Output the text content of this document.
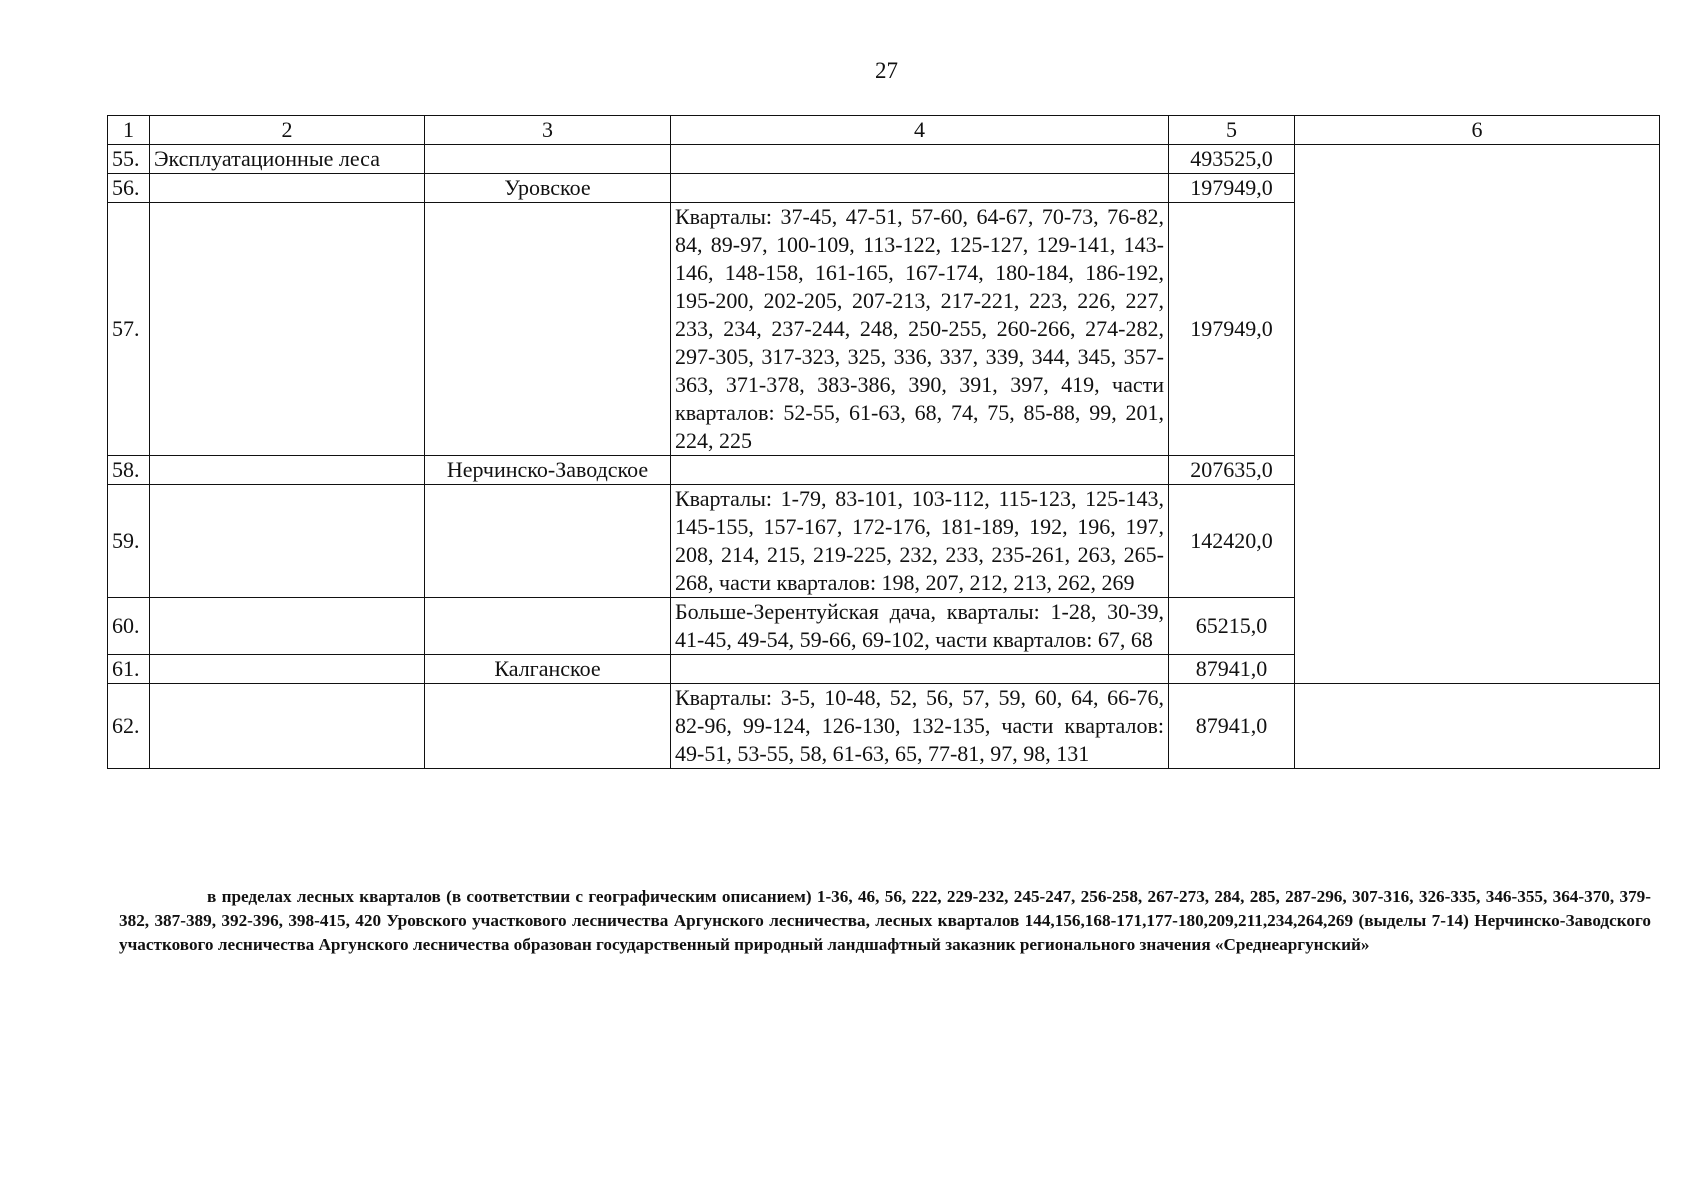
27
1	2	3	4	5	6
55.	Эксплуатационные леса			493525,0	
56.		Уровское		197949,0	
57.			Кварталы: 37-45, 47-51, 57-60, 64-67, 70-73, 76-82, 84, 89-97, 100-109, 113-122, 125-127, 129-141, 143-146, 148-158, 161-165, 167-174, 180-184, 186-192, 195-200, 202-205, 207-213, 217-221, 223, 226, 227, 233, 234, 237-244, 248, 250-255, 260-266, 274-282, 297-305, 317-323, 325, 336, 337, 339, 344, 345, 357-363, 371-378, 383-386, 390, 391, 397, 419, части кварталов: 52-55, 61-63, 68, 74, 75, 85-88, 99, 201, 224, 225	197949,0	
58.		Нерчинско-Заводское		207635,0	
59.			Кварталы: 1-79, 83-101, 103-112, 115-123, 125-143, 145-155, 157-167, 172-176, 181-189, 192, 196, 197, 208, 214, 215, 219-225, 232, 233, 235-261, 263, 265-268, части кварталов: 198, 207, 212, 213, 262, 269	142420,0	
60.			Больше-Зерентуйская дача, кварталы: 1-28, 30-39, 41-45, 49-54, 59-66, 69-102, части кварталов: 67, 68	65215,0	
61.		Калганское		87941,0	
62.			Кварталы: 3-5, 10-48, 52, 56, 57, 59, 60, 64, 66-76, 82-96, 99-124, 126-130, 132-135, части кварталов: 49-51, 53-55, 58, 61-63, 65, 77-81, 97, 98, 131	87941,0	

в пределах лесных кварталов (в соответствии с географическим описанием) 1-36, 46, 56, 222, 229-232, 245-247, 256-258, 267-273, 284, 285, 287-296, 307-316, 326-335, 346-355, 364-370, 379-382, 387-389, 392-396, 398-415, 420 Уровского участкового лесничества Аргунского лесничества, лесных кварталов 144,156,168-171,177-180,209,211,234,264,269 (выделы 7-14) Нерчинско-Заводского участкового лесничества Аргунского лесничества образован государственный природный ландшафтный заказник регионального значения «Среднеаргунский»
